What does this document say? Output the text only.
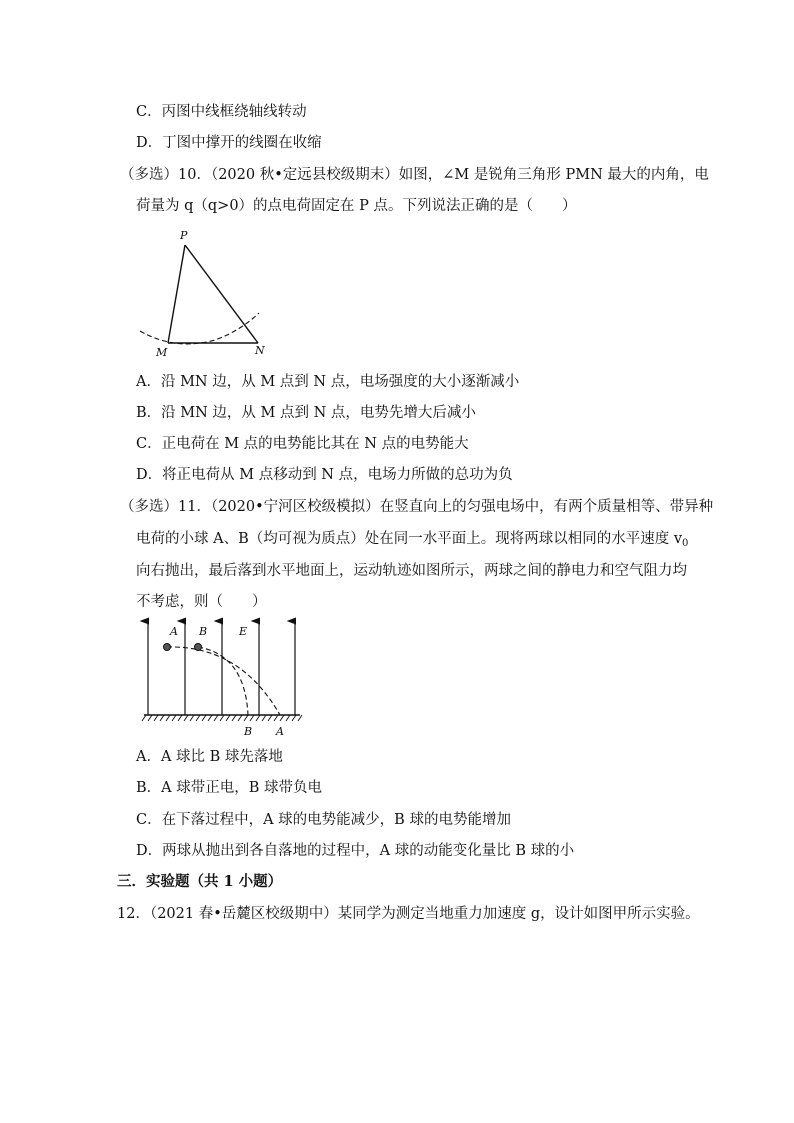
C．丙图中线框绕轴线转动
D．丁图中撑开的线圈在收缩
（多选）10．（2020 秋•定远县校级期末）如图，∠M 是锐角三角形 PMN 最大的内角，电
荷量为 q（q>0）的点电荷固定在 P 点。下列说法正确的是（　　）
P
M	N
A．沿 MN 边，从 M 点到 N 点，电场强度的大小逐渐减小
B．沿 MN 边，从 M 点到 N 点，电势先增大后减小
C．正电荷在 M 点的电势能比其在 N 点的电势能大
D．将正电荷从 M 点移动到 N 点，电场力所做的总功为负
（多选）11．（2020•宁河区校级模拟）在竖直向上的匀强电场中，有两个质量相等、带异种
电荷的小球 A、B（均可视为质点）处在同一水平面上。现将两球以相同的水平速度 $v_0$
向右抛出，最后落到水平地面上，运动轨迹如图所示，两球之间的静电力和空气阻力均
不考虑，则（　　）
A B	E
B A
A．A 球比 B 球先落地
B．A 球带正电，B 球带负电
C．在下落过程中，A 球的电势能减少，B 球的电势能增加
D．两球从抛出到各自落地的过程中，A 球的动能变化量比 B 球的小
三．实验题（共 1 小题）
12．（2021 春•岳麓区校级期中）某同学为测定当地重力加速度 g，设计如图甲所示实验。
